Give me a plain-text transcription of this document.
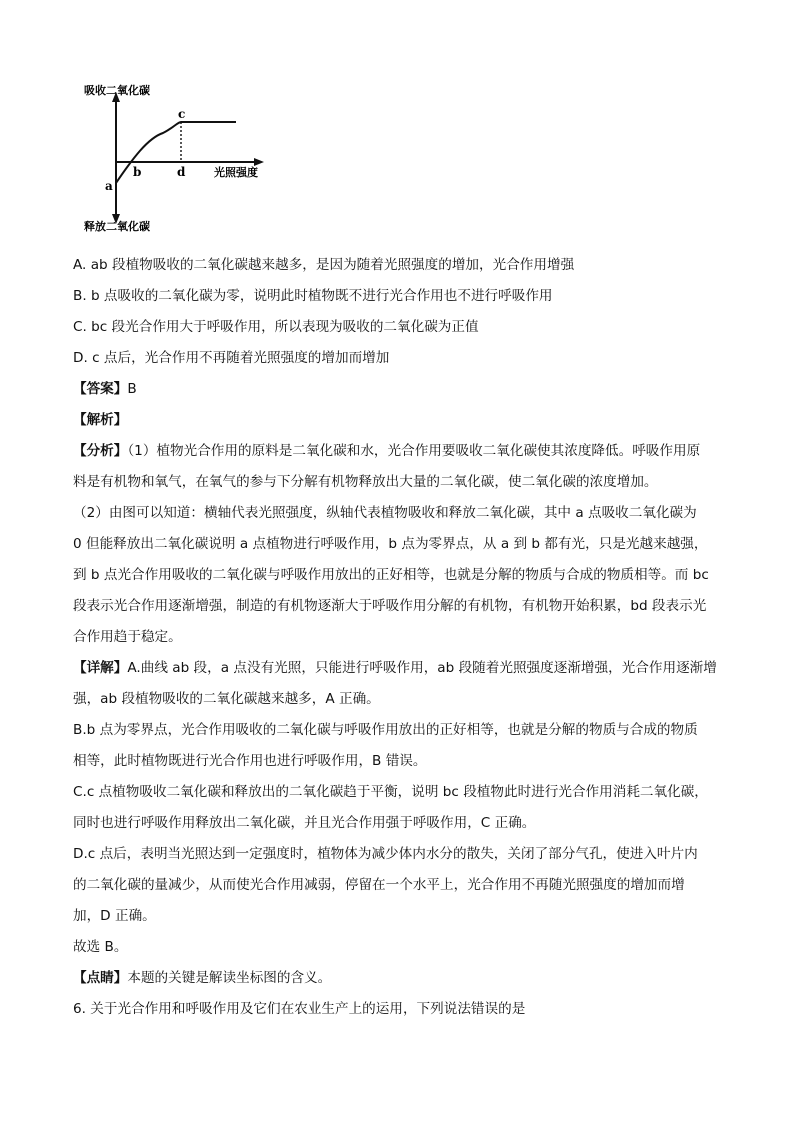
吸收二氧化碳
释放二氧化碳
光照强度
a
b
c
d
A. ab 段植物吸收的二氧化碳越来越多，是因为随着光照强度的增加，光合作用增强
B. b 点吸收的二氧化碳为零，说明此时植物既不进行光合作用也不进行呼吸作用
C. bc 段光合作用大于呼吸作用，所以表现为吸收的二氧化碳为正值
D. c 点后，光合作用不再随着光照强度的增加而增加
【答案】B
【解析】
【分析】（1）植物光合作用的原料是二氧化碳和水，光合作用要吸收二氧化碳使其浓度降低。呼吸作用原
料是有机物和氧气，在氧气的参与下分解有机物释放出大量的二氧化碳，使二氧化碳的浓度增加。
（2）由图可以知道：横轴代表光照强度，纵轴代表植物吸收和释放二氧化碳，其中 a 点吸收二氧化碳为
0 但能释放出二氧化碳说明 a 点植物进行呼吸作用，b 点为零界点，从 a 到 b 都有光，只是光越来越强，
到 b 点光合作用吸收的二氧化碳与呼吸作用放出的正好相等，也就是分解的物质与合成的物质相等。而 bc
段表示光合作用逐渐增强，制造的有机物逐渐大于呼吸作用分解的有机物，有机物开始积累，bd 段表示光
合作用趋于稳定。
【详解】A.曲线 ab 段，a 点没有光照，只能进行呼吸作用，ab 段随着光照强度逐渐增强，光合作用逐渐增
强，ab 段植物吸收的二氧化碳越来越多，A 正确。
B.b 点为零界点，光合作用吸收的二氧化碳与呼吸作用放出的正好相等，也就是分解的物质与合成的物质
相等，此时植物既进行光合作用也进行呼吸作用，B 错误。
C.c 点植物吸收二氧化碳和释放出的二氧化碳趋于平衡，说明 bc 段植物此时进行光合作用消耗二氧化碳，
同时也进行呼吸作用释放出二氧化碳，并且光合作用强于呼吸作用，C 正确。
D.c 点后，表明当光照达到一定强度时，植物体为减少体内水分的散失，关闭了部分气孔，使进入叶片内
的二氧化碳的量减少，从而使光合作用减弱，停留在一个水平上，光合作用不再随光照强度的增加而增
加，D 正确。
故选 B。
【点睛】本题的关键是解读坐标图的含义。
6. 关于光合作用和呼吸作用及它们在农业生产上的运用，下列说法错误的是
